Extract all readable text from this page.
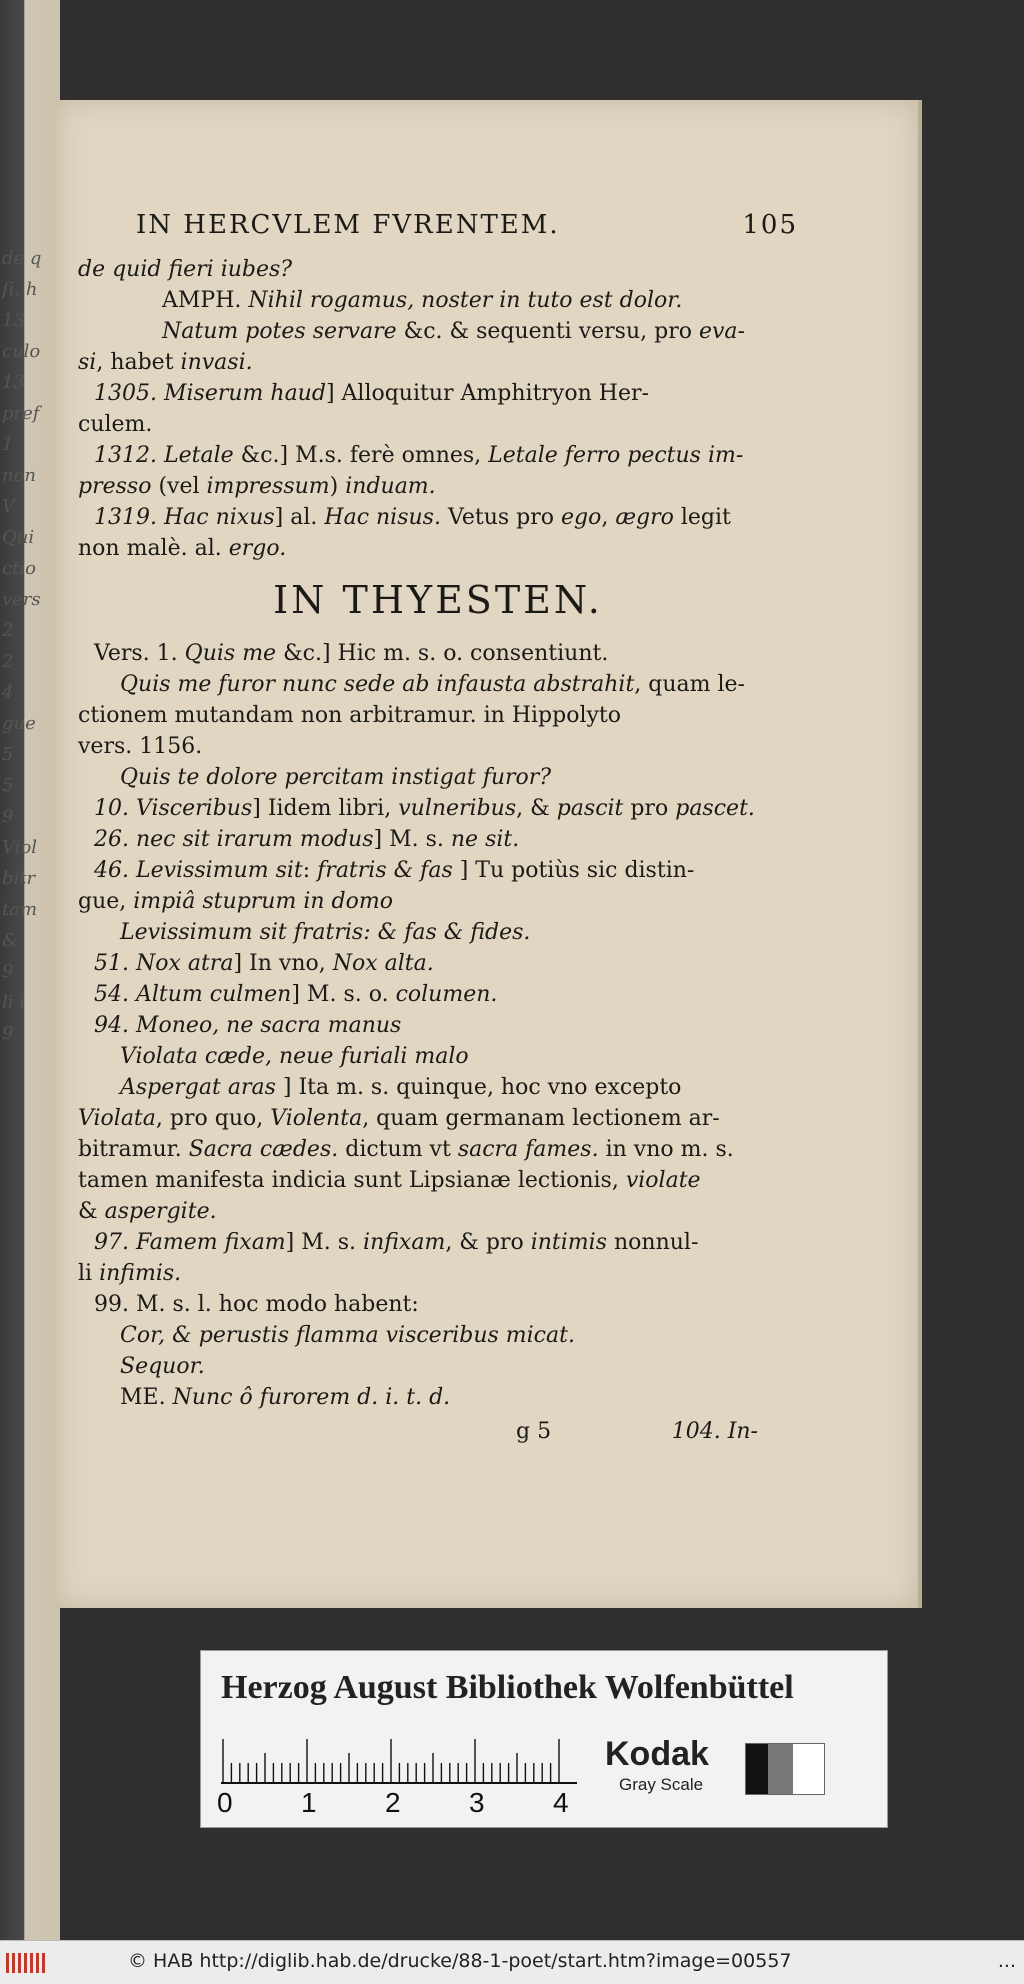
de q
ſi, h
13
culo
13
pref
1
non
V
Qui
ctio
vers
2
2
4
gue
5
5
9
Viol
bitr
tam
&
9
li i
9
IN HERCVLEM FVRENTEM.	105
de quid fieri iubes?
AMPH. Nihil rogamus, noster in tuto est dolor.
Natum potes servare &c. & sequenti versu, pro eva-
si, habet invasi.
1305. Miserum haud] Alloquitur Amphitryon Her-
culem.
1312. Letale &c.] M.s. ferè omnes, Letale ferro pectus im-
presso (vel impressum) induam.
1319. Hac nixus] al. Hac nisus. Vetus pro ego, ægro legit
non malè. al. ergo.
IN THYESTEN.
Vers. 1. Quis me &c.] Hic m. s. o. consentiunt.
Quis me furor nunc sede ab infausta abstrahit, quam le-
ctionem mutandam non arbitramur. in Hippolyto
vers. 1156.
Quis te dolore percitam instigat furor?
10. Visceribus] Iidem libri, vulneribus, & pascit pro pascet.
26. nec sit irarum modus] M. s. ne sit.
46. Levissimum sit: fratris & fas ] Tu potiùs sic distin-
gue, impiâ stuprum in domo
Levissimum sit fratris: & fas & fides.
51. Nox atra] In vno, Nox alta.
54. Altum culmen] M. s. o. columen.
94. Moneo, ne sacra manus
Violata cæde, neue furiali malo
Aspergat aras ] Ita m. s. quinque, hoc vno excepto
Violata, pro quo, Violenta, quam germanam lectionem ar-
bitramur. Sacra cædes. dictum vt sacra fames. in vno m. s.
tamen manifesta indicia sunt Lipsianæ lectionis, violate
& aspergite.
97. Famem fixam] M. s. infixam, & pro intimis nonnul-
li infimis.
99. M. s. l. hoc modo habent:
Cor, & perustis flamma visceribus micat.
Sequor.
ME. Nunc ô furorem d. i. t. d.
g 5	104. In-
Herzog August Bibliothek Wolfenbüttel
0 1 2 3 4
Kodak
Gray Scale
© HAB http://diglib.hab.de/drucke/88-1-poet/start.htm?image=00557	...
